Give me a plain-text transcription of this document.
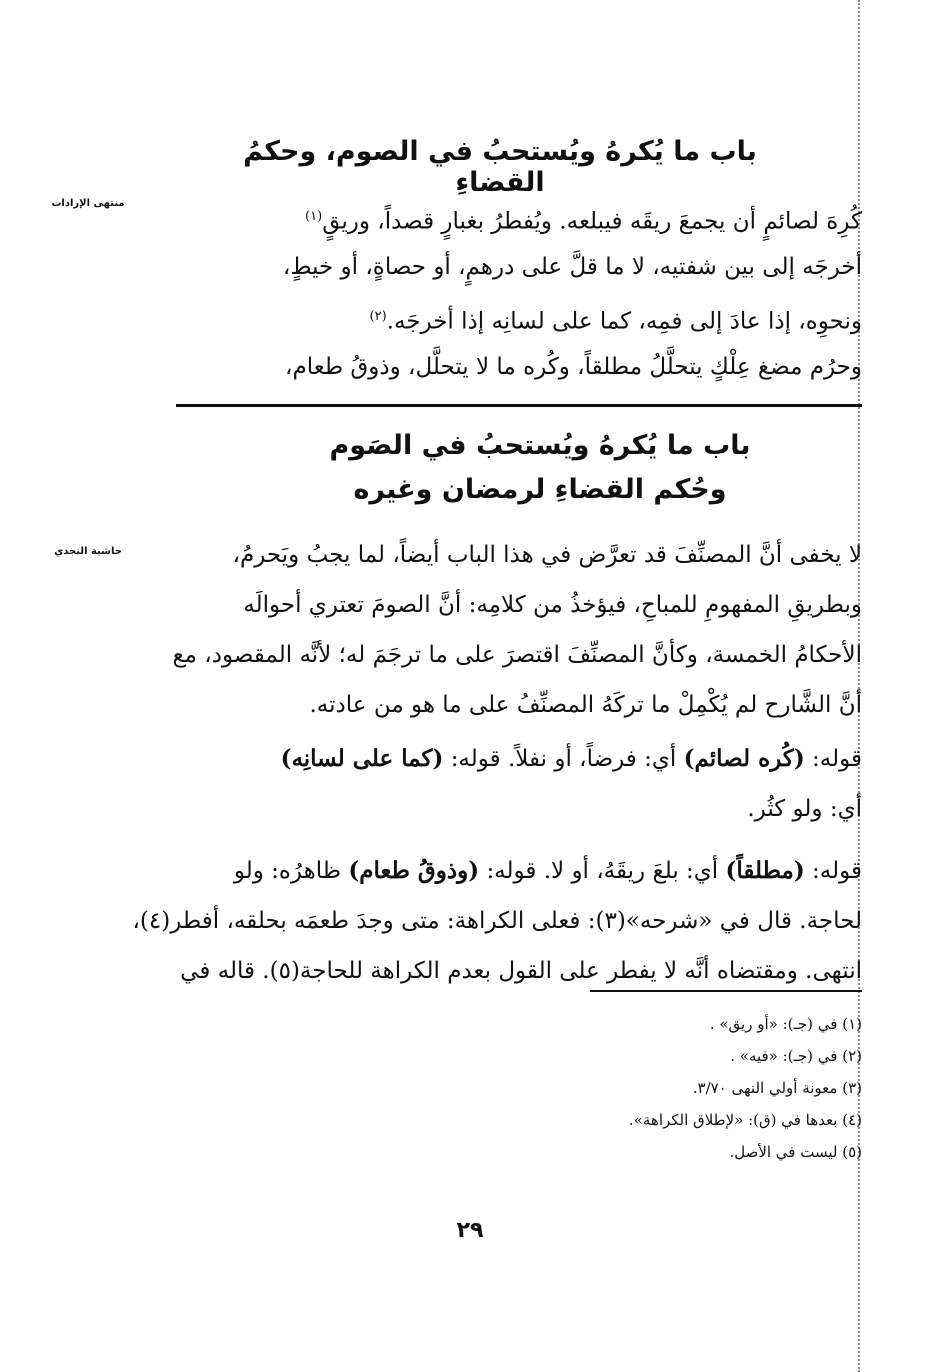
باب ما يُكرهُ ويُستحبُ في الصوم، وحكمُ القضاءِ
منتهى الإرادات
حاشية النجدي
كُرِهَ لصائمٍ أن يجمعَ ريقَه فيبلعه. ويُفطرُ بغبارٍ قصداً، وريقٍ$^{(١)}$
أخرجَه إلى بين شفتيه، لا ما قلَّ على درهمٍ، أو حصاةٍ، أو خيطٍ،
ونحوِه، إذا عادَ إلى فمِه، كما على لسانِه إذا أخرجَه.$^{(٢)}$
وحرُم مضغ عِلْكٍ يتحلَّلُ مطلقاً، وكُره ما لا يتحلَّل، وذوقُ طعام،
باب ما يُكرهُ ويُستحبُ في الصَوم
وحُكم القضاءِ لرمضان وغيره
لا يخفى أنَّ المصنِّفَ قد تعرَّض في هذا الباب أيضاً، لما يجبُ ويَحرمُ،
وبطريقِ المفهومِ للمباحِ، فيؤخذُ من كلامِه: أنَّ الصومَ تعتري أحوالَه
الأحكامُ الخمسة، وكأنَّ المصنِّفَ اقتصرَ على ما ترجَمَ له؛ لأنَّه المقصود، مع
أنَّ الشَّارح لم يُكْمِلْ ما تركَهُ المصنِّفُ على ما هو من عادته.
قوله: (كُره لصائم) أي: فرضاً، أو نفلاً. قوله: (كما على لسانِه)
أي: ولو كثُر.
قوله: (مطلقاً) أي: بلعَ ريقَهُ، أو لا. قوله: (وذوقُ طعام) ظاهرُه: ولو
لحاجة. قال في «شرحه»(٣): فعلى الكراهة: متى وجدَ طعمَه بحلقه، أفطر(٤)،
انتهى. ومقتضاه أنَّه لا يفطر على القول بعدم الكراهة للحاجة(٥). قاله في
(١) في (جـ): «أو ريق» .
(٢) في (جـ): «فيه» .
(٣) معونة أولي النهى ٣/٧٠.
(٤) بعدها في (ق): «لإطلاق الكراهة».
(٥) ليست في الأصل.
٢٩
